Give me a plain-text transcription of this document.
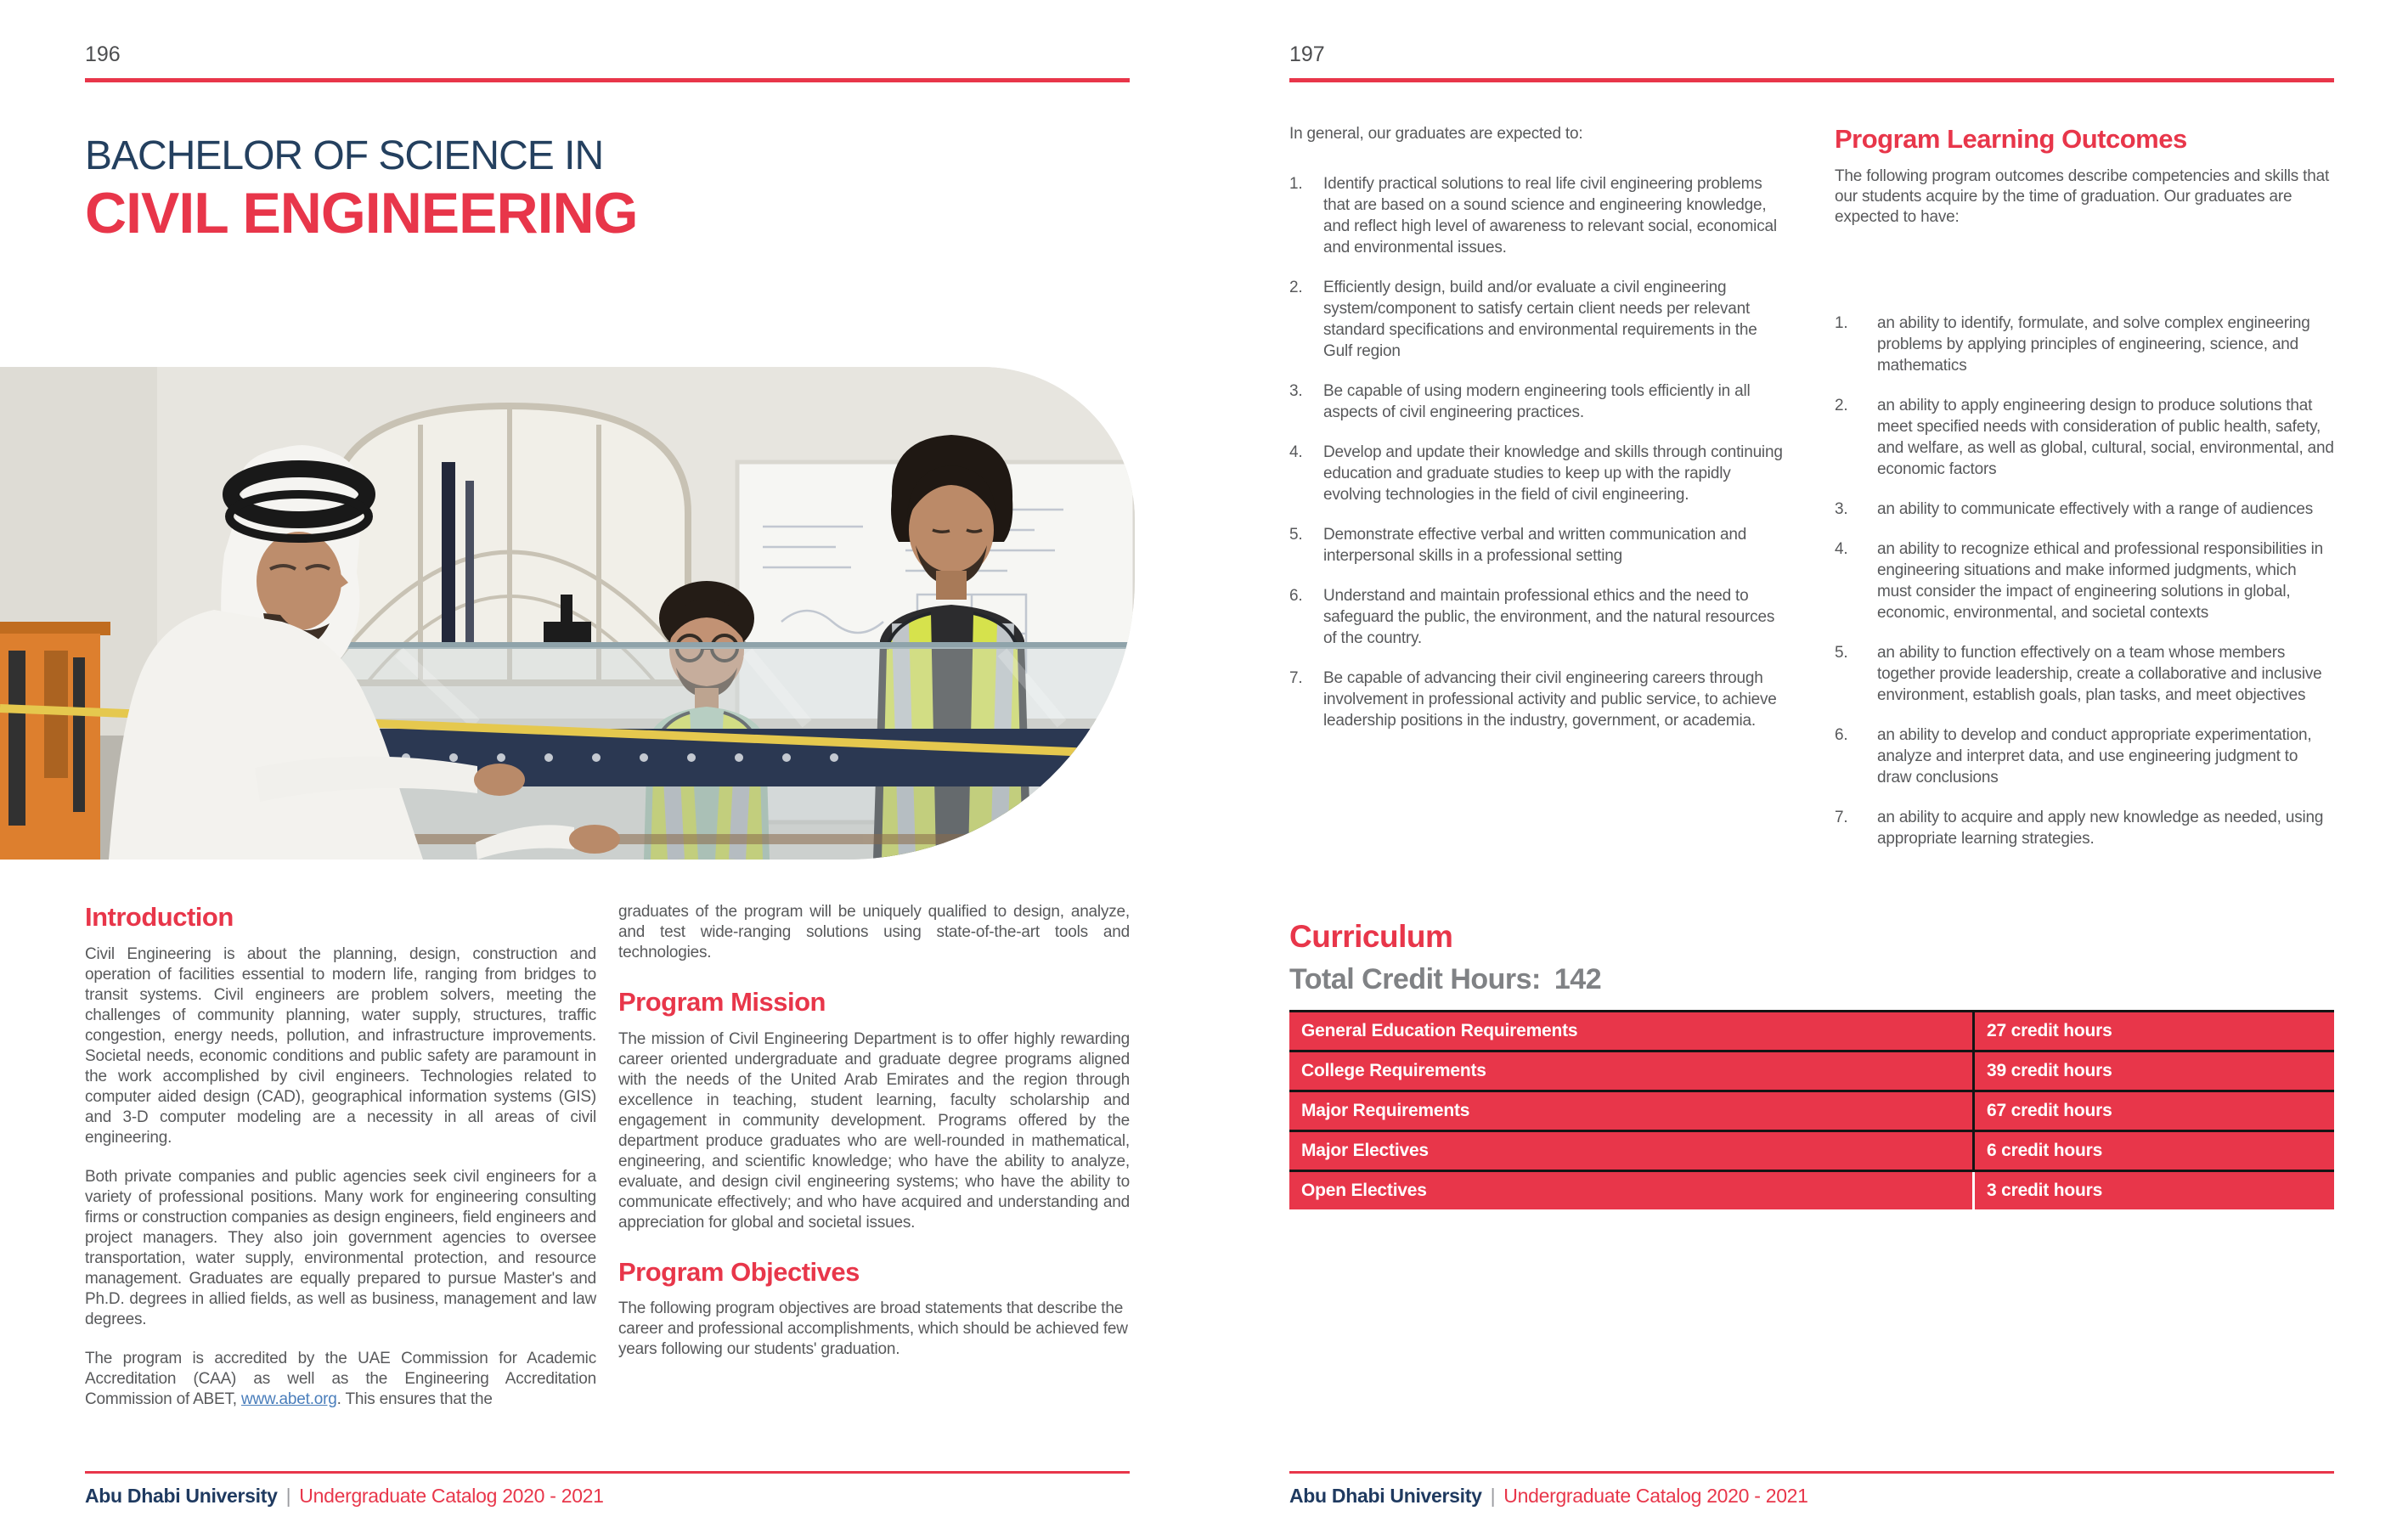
196
BACHELOR OF SCIENCE IN
CIVIL ENGINEERING
Introduction

Civil Engineering is about the planning, design, construction and operation of facilities essential to modern life, ranging from bridges to transit systems. Civil engineers are problem solvers, meeting the challenges of community planning, water supply, structures, traffic congestion, energy needs, pollution, and infrastructure improvements. Societal needs, economic conditions and public safety are paramount in the work accomplished by civil engineers. Technologies related to computer aided design (CAD), geographical information systems (GIS) and 3-D computer modeling are a necessity in all areas of civil engineering.

Both private companies and public agencies seek civil engineers for a variety of professional positions. Many work for engineering consulting firms or construction companies as design engineers, field engineers and project managers. They also join government agencies to oversee transportation, water supply, environmental protection, and resource management. Graduates are equally prepared to pursue Master's and Ph.D. degrees in allied fields, as well as business, management and law degrees.

The program is accredited by the UAE Commission for Academic Accreditation (CAA) as well as the Engineering Accreditation Commission of ABET, www.abet.org. This ensures that the

graduates of the program will be uniquely qualified to design, analyze, and test wide-ranging solutions using state-of-the-art tools and technologies.

Program Mission

The mission of Civil Engineering Department is to offer highly rewarding career oriented undergraduate and graduate degree programs aligned with the needs of the United Arab Emirates and the region through excellence in teaching, student learning, faculty scholarship and engagement in community development. Programs offered by the department produce graduates who are well-rounded in mathematical, engineering, and scientific knowledge; who have the ability to analyze, evaluate, and design civil engineering systems; who have the ability to communicate effectively; and who have acquired and understanding and appreciation for global and societal issues.

Program Objectives

The following program objectives are broad statements that describe the career and professional accomplishments, which should be achieved few years following our students' graduation.

Abu Dhabi University | Undergraduate Catalog 2020 - 2021
197

In general, our graduates are expected to:

1.	Identify practical solutions to real life civil engineering problems that are based on a sound science and engineering knowledge, and reflect high level of awareness to relevant social, economical and environmental issues.
2.	Efficiently design, build and/or evaluate a civil engineering system/component to satisfy certain client needs per relevant standard specifications and environmental requirements in the Gulf region
3.	Be capable of using modern engineering tools efficiently in all aspects of civil engineering practices.
4.	Develop and update their knowledge and skills through continuing education and graduate studies to keep up with the rapidly evolving technologies in the field of civil engineering.
5.	Demonstrate effective verbal and written communication and interpersonal skills in a professional setting
6.	Understand and maintain professional ethics and the need to safeguard the public, the environment, and the natural resources of the country.
7.	Be capable of advancing their civil engineering careers through involvement in professional activity and public service, to achieve leadership positions in the industry, government, or academia.
Program Learning Outcomes

The following program outcomes describe competencies and skills that our students acquire by the time of graduation. Our graduates are expected to have:

1.	an ability to identify, formulate, and solve complex engineering problems by applying principles of engineering, science, and mathematics
2.	an ability to apply engineering design to produce solutions that meet specified needs with consideration of public health, safety, and welfare, as well as global, cultural, social, environmental, and economic factors
3.	an ability to communicate effectively with a range of audiences
4.	an ability to recognize ethical and professional responsibilities in engineering situations and make informed judgments, which must consider the impact of engineering solutions in global, economic, environmental, and societal contexts
5.	an ability to function effectively on a team whose members together provide leadership, create a collaborative and inclusive environment, establish goals, plan tasks, and meet objectives
6.	an ability to develop and conduct appropriate experimentation, analyze and interpret data, and use engineering judgment to draw conclusions
7.	an ability to acquire and apply new knowledge as needed, using appropriate learning strategies.
Curriculum
Total Credit Hours: 142
General Education Requirements	27 credit hours
College Requirements	39 credit hours
Major Requirements	67 credit hours
Major Electives	6 credit hours
Open Electives	3 credit hours
Abu Dhabi University | Undergraduate Catalog 2020 - 2021
